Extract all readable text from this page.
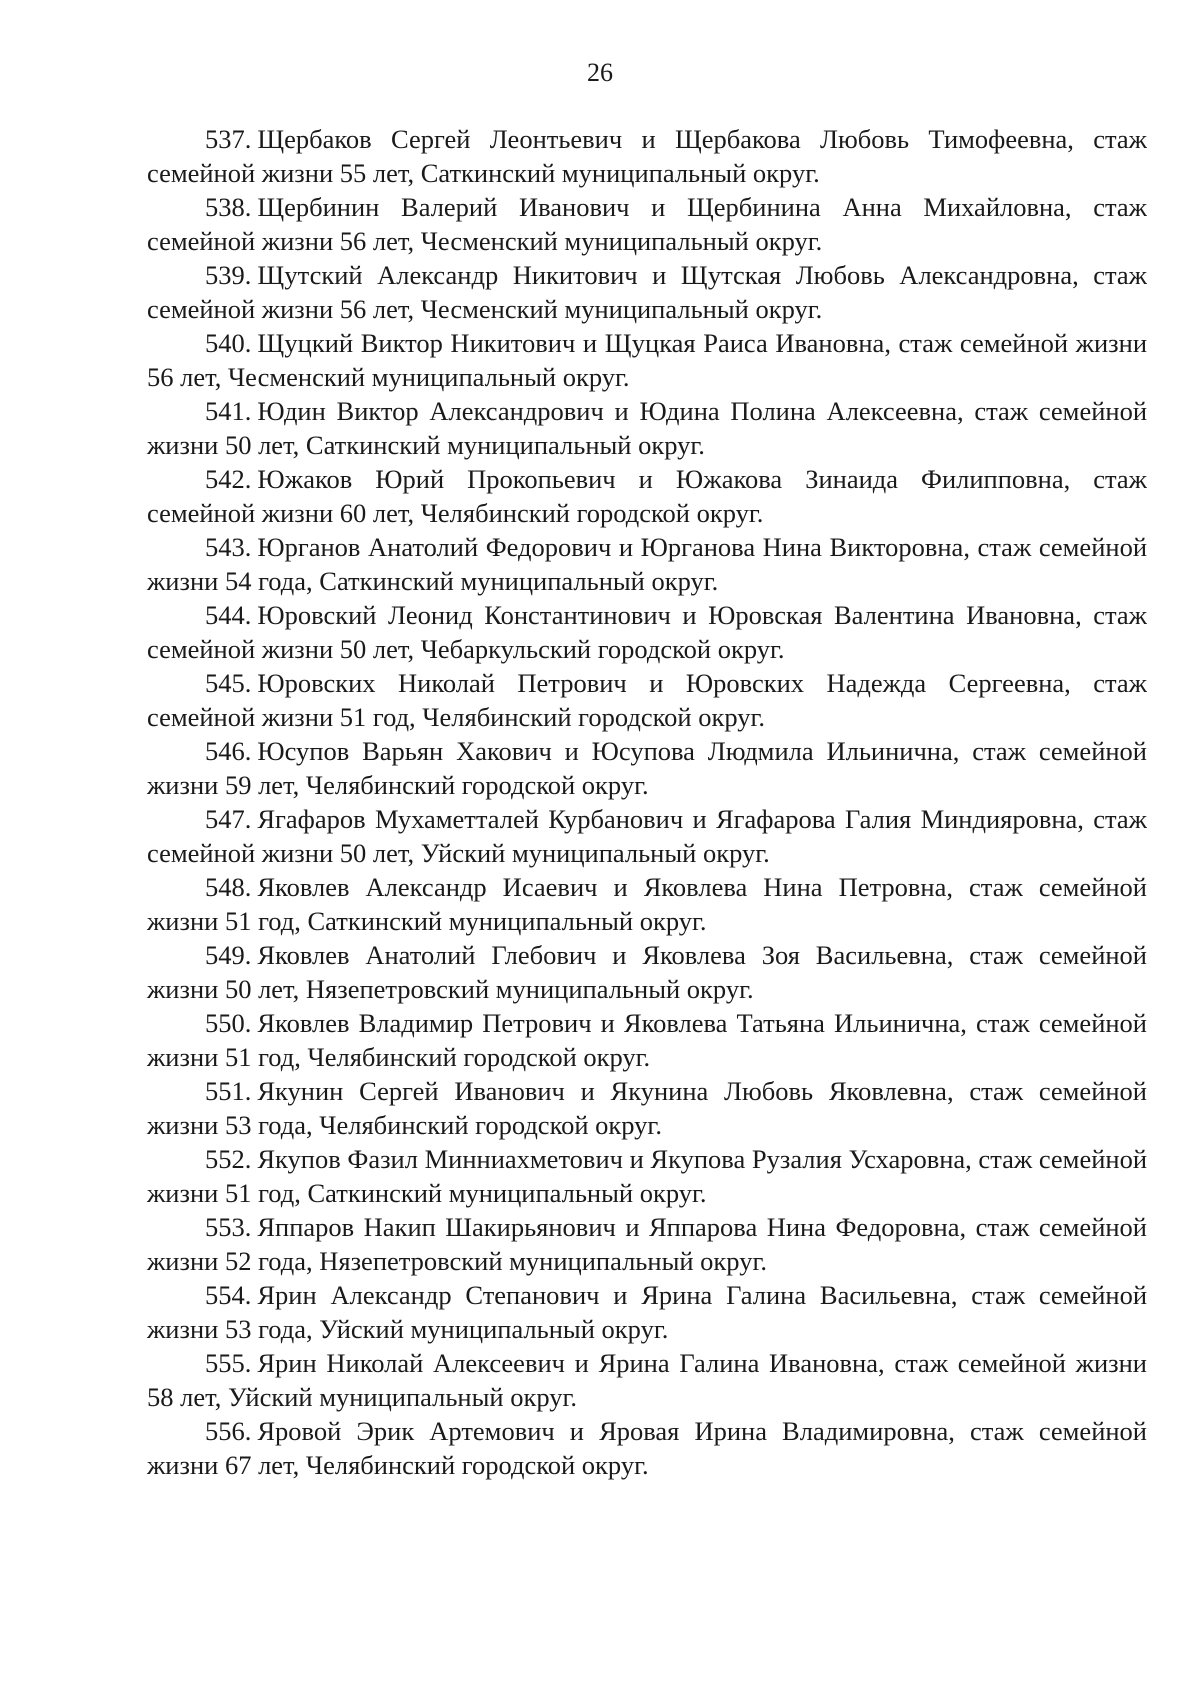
26
537. Щербаков Сергей Леонтьевич и Щербакова Любовь Тимофеевна, стаж семейной жизни 55 лет, Саткинский муниципальный округ.
538. Щербинин Валерий Иванович и Щербинина Анна Михайловна, стаж семейной жизни 56 лет, Чесменский муниципальный округ.
539. Щутский Александр Никитович и Щутская Любовь Александровна, стаж семейной жизни 56 лет, Чесменский муниципальный округ.
540. Щуцкий Виктор Никитович и Щуцкая Раиса Ивановна, стаж семейной жизни 56 лет, Чесменский муниципальный округ.
541. Юдин Виктор Александрович и Юдина Полина Алексеевна, стаж семейной жизни 50 лет, Саткинский муниципальный округ.
542. Южаков Юрий Прокопьевич и Южакова Зинаида Филипповна, стаж семейной жизни 60 лет, Челябинский городской округ.
543. Юрганов Анатолий Федорович и Юрганова Нина Викторовна, стаж семейной жизни 54 года, Саткинский муниципальный округ.
544. Юровский Леонид Константинович и Юровская Валентина Ивановна, стаж семейной жизни 50 лет, Чебаркульский городской округ.
545. Юровских Николай Петрович и Юровских Надежда Сергеевна, стаж семейной жизни 51 год, Челябинский городской округ.
546. Юсупов Варьян Хакович и Юсупова Людмила Ильинична, стаж семейной жизни 59 лет, Челябинский городской округ.
547. Ягафаров Мухаметталей Курбанович и Ягафарова Галия Миндияровна, стаж семейной жизни 50 лет, Уйский муниципальный округ.
548. Яковлев Александр Исаевич и Яковлева Нина Петровна, стаж семейной жизни 51 год, Саткинский муниципальный округ.
549. Яковлев Анатолий Глебович и Яковлева Зоя Васильевна, стаж семейной жизни 50 лет, Нязепетровский муниципальный округ.
550. Яковлев Владимир Петрович и Яковлева Татьяна Ильинична, стаж семейной жизни 51 год, Челябинский городской округ.
551. Якунин Сергей Иванович и Якунина Любовь Яковлевна, стаж семейной жизни 53 года, Челябинский городской округ.
552. Якупов Фазил Минниахметович и Якупова Рузалия Усхаровна, стаж семейной жизни 51 год, Саткинский муниципальный округ.
553. Яппаров Накип Шакирьянович и Яппарова Нина Федоровна, стаж семейной жизни 52 года, Нязепетровский муниципальный округ.
554. Ярин Александр Степанович и Ярина Галина Васильевна, стаж семейной жизни 53 года, Уйский муниципальный округ.
555. Ярин Николай Алексеевич и Ярина Галина Ивановна, стаж семейной жизни 58 лет, Уйский муниципальный округ.
556. Яровой Эрик Артемович и Яровая Ирина Владимировна, стаж семейной жизни 67 лет, Челябинский городской округ.
